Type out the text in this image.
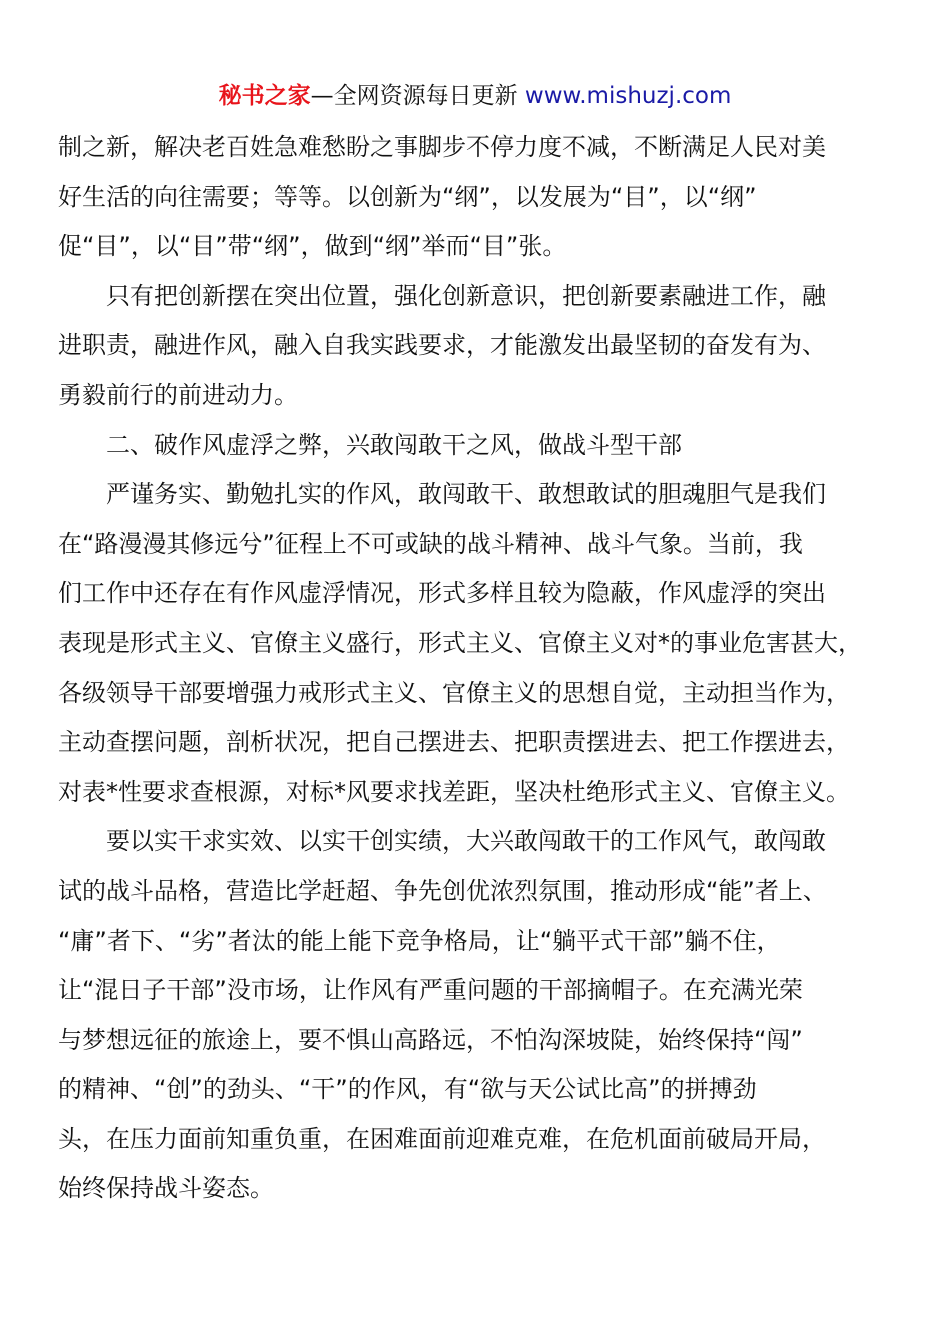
秘书之家—全网资源每日更新 www.mishuzj.com
制之新，解决老百姓急难愁盼之事脚步不停力度不减，不断满足人民对美
好生活的向往需要；等等。以创新为“纲”，以发展为“目”，以“纲”
促“目”，以“目”带“纲”，做到“纲”举而“目”张。
只有把创新摆在突出位置，强化创新意识，把创新要素融进工作，融
进职责，融进作风，融入自我实践要求，才能激发出最坚韧的奋发有为、
勇毅前行的前进动力。
二、破作风虚浮之弊，兴敢闯敢干之风，做战斗型干部
严谨务实、勤勉扎实的作风，敢闯敢干、敢想敢试的胆魂胆气是我们
在“路漫漫其修远兮”征程上不可或缺的战斗精神、战斗气象。当前，我
们工作中还存在有作风虚浮情况，形式多样且较为隐蔽，作风虚浮的突出
表现是形式主义、官僚主义盛行，形式主义、官僚主义对*的事业危害甚大，
各级领导干部要增强力戒形式主义、官僚主义的思想自觉，主动担当作为，
主动查摆问题，剖析状况，把自己摆进去、把职责摆进去、把工作摆进去，
对表*性要求查根源，对标*风要求找差距，坚决杜绝形式主义、官僚主义。
要以实干求实效、以实干创实绩，大兴敢闯敢干的工作风气，敢闯敢
试的战斗品格，营造比学赶超、争先创优浓烈氛围，推动形成“能”者上、
“庸”者下、“劣”者汰的能上能下竞争格局，让“躺平式干部”躺不住，
让“混日子干部”没市场，让作风有严重问题的干部摘帽子。在充满光荣
与梦想远征的旅途上，要不惧山高路远，不怕沟深坡陡，始终保持“闯”
的精神、“创”的劲头、“干”的作风，有“欲与天公试比高”的拼搏劲
头，在压力面前知重负重，在困难面前迎难克难，在危机面前破局开局，
始终保持战斗姿态。
